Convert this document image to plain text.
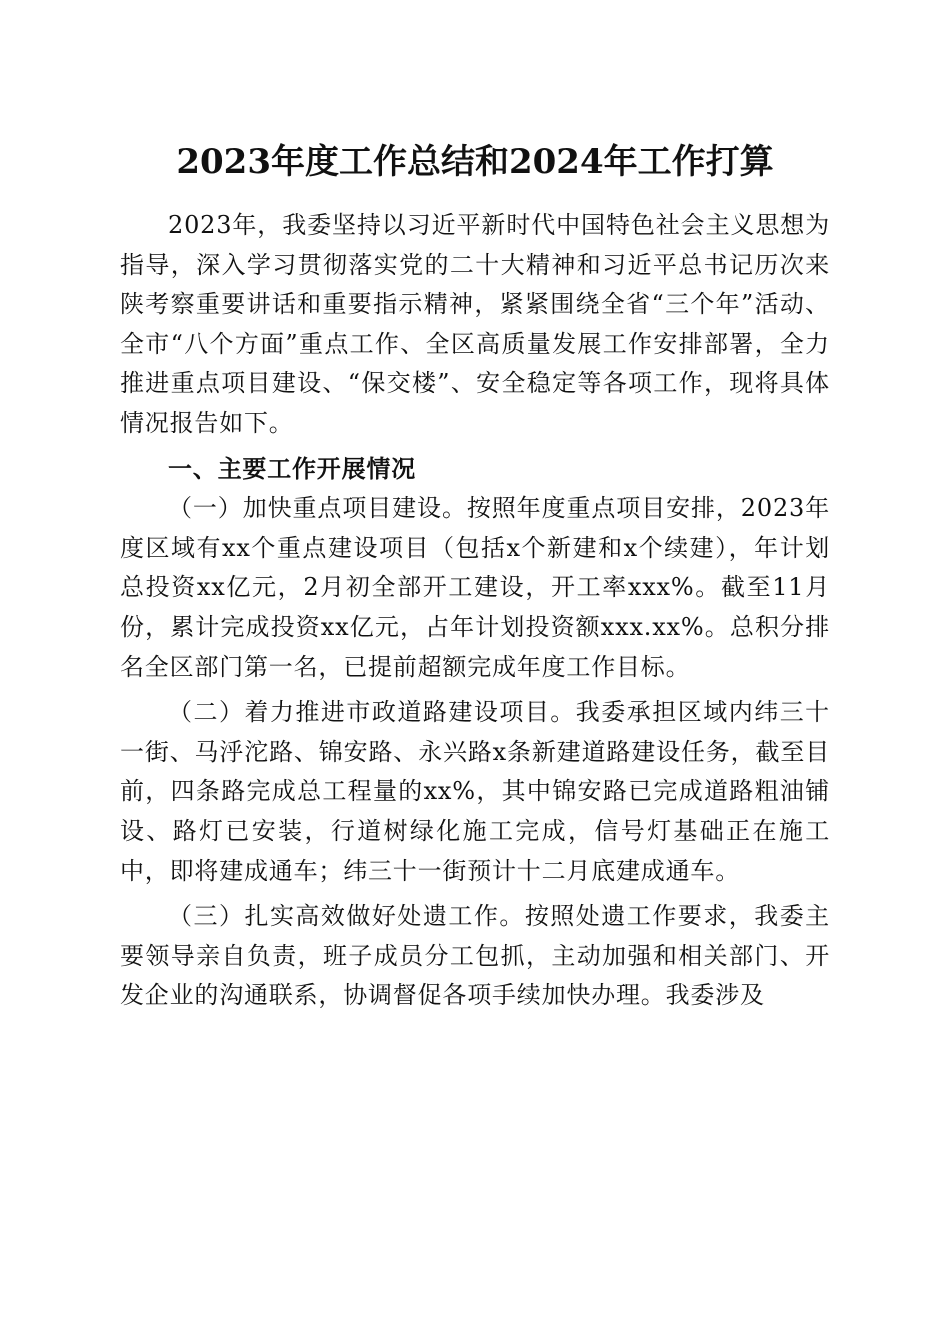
2023年度工作总结和2024年工作打算

2023年，我委坚持以习近平新时代中国特色社会主义思想为指导，深入学习贯彻落实党的二十大精神和习近平总书记历次来陕考察重要讲话和重要指示精神，紧紧围绕全省“三个年”活动、全市“八个方面”重点工作、全区高质量发展工作安排部署，全力推进重点项目建设、“保交楼”、安全稳定等各项工作，现将具体情况报告如下。

一、主要工作开展情况

（一）加快重点项目建设。按照年度重点项目安排，2023年度区域有xx个重点建设项目（包括x个新建和x个续建），年计划总投资xx亿元，2月初全部开工建设，开工率xxx%。截至11月份，累计完成投资xx亿元，占年计划投资额xxx.xx%。总积分排名全区部门第一名，已提前超额完成年度工作目标。

（二）着力推进市政道路建设项目。我委承担区域内纬三十一街、马泘沱路、锦安路、永兴路x条新建道路建设任务，截至目前，四条路完成总工程量的xx%，其中锦安路已完成道路粗油铺设、路灯已安装，行道树绿化施工完成，信号灯基础正在施工中，即将建成通车；纬三十一街预计十二月底建成通车。

（三）扎实高效做好处遗工作。按照处遗工作要求，我委主要领导亲自负责，班子成员分工包抓，主动加强和相关部门、开发企业的沟通联系，协调督促各项手续加快办理。我委涉及
